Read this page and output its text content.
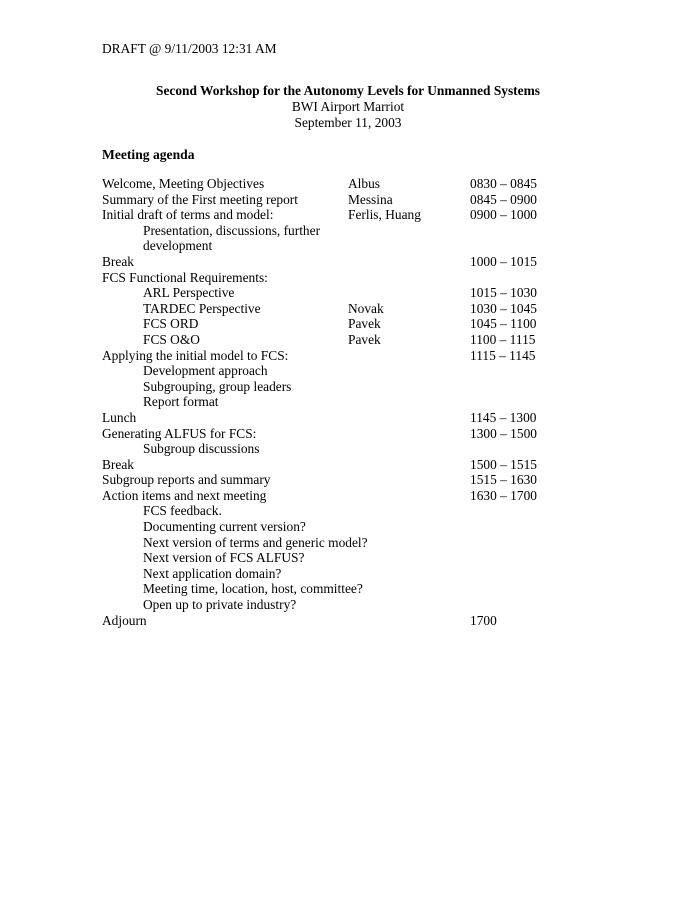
DRAFT @ 9/11/2003 12:31 AM
Second Workshop for the Autonomy Levels for Unmanned Systems
BWI Airport Marriot
September 11, 2003
Meeting agenda
Welcome, Meeting Objectives	Albus	0830 – 0845
Summary of the First meeting report	Messina	0845 – 0900
Initial draft of terms and model:	Ferlis, Huang	0900 – 1000
Presentation, discussions, further
development
Break	1000 – 1015
FCS Functional Requirements:
ARL Perspective	1015 – 1030
TARDEC Perspective	Novak	1030 – 1045
FCS ORD	Pavek	1045 – 1100
FCS O&O	Pavek	1100 – 1115
Applying the initial model to FCS:	1115 – 1145
Development approach
Subgrouping, group leaders
Report format
Lunch	1145 – 1300
Generating ALFUS for FCS:	1300 – 1500
Subgroup discussions
Break	1500 – 1515
Subgroup reports and summary	1515 – 1630
Action items and next meeting	1630 – 1700
FCS feedback.
Documenting current version?
Next version of terms and generic model?
Next version of FCS ALFUS?
Next application domain?
Meeting time, location, host, committee?
Open up to private industry?
Adjourn	1700
